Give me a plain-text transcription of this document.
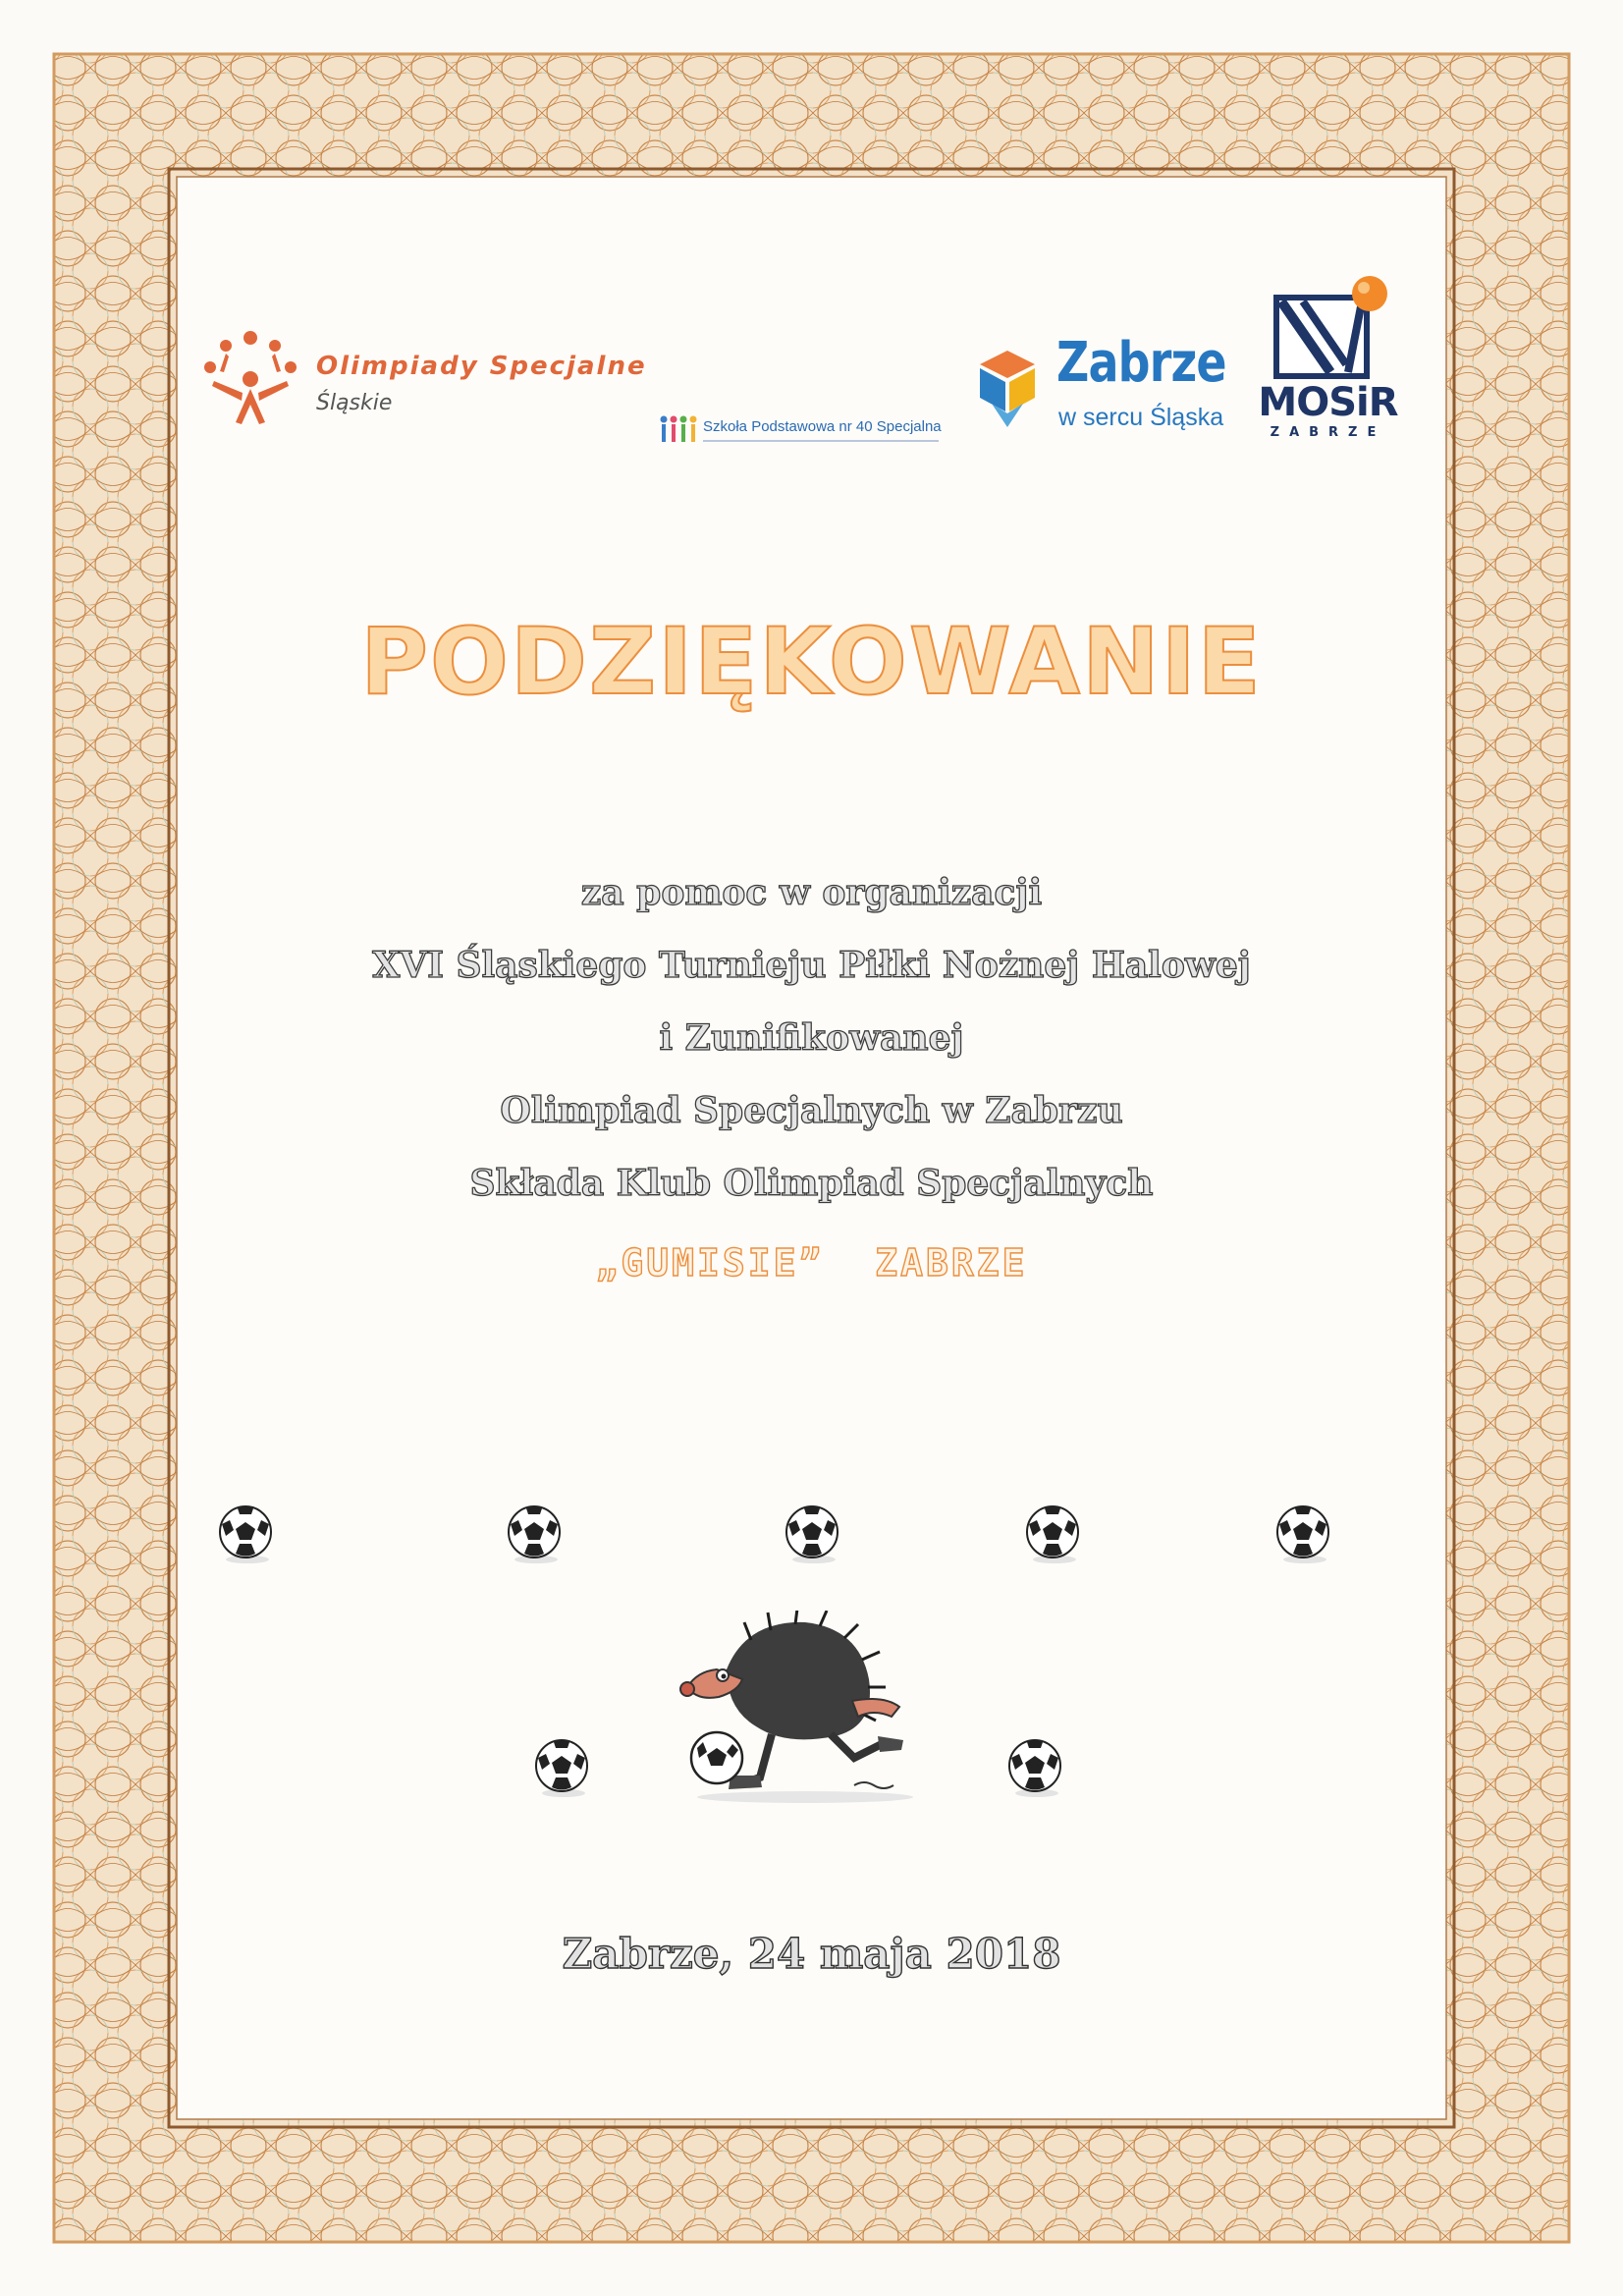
Olimpiady Specjalne
Śląskie
Szkoła Podstawowa nr 40 Specjalna
Zabrze
w sercu Śląska MOSiR
ZABRZE
PODZIĘKOWANIE
za pomoc w organizacji
XVI Śląskiego Turnieju Piłki Nożnej Halowej
i Zunifikowanej
Olimpiad Specjalnych w Zabrzu
Składa Klub Olimpiad Specjalnych
„GUMISIE”  ZABRZE
Zabrze, 24 maja 2018
